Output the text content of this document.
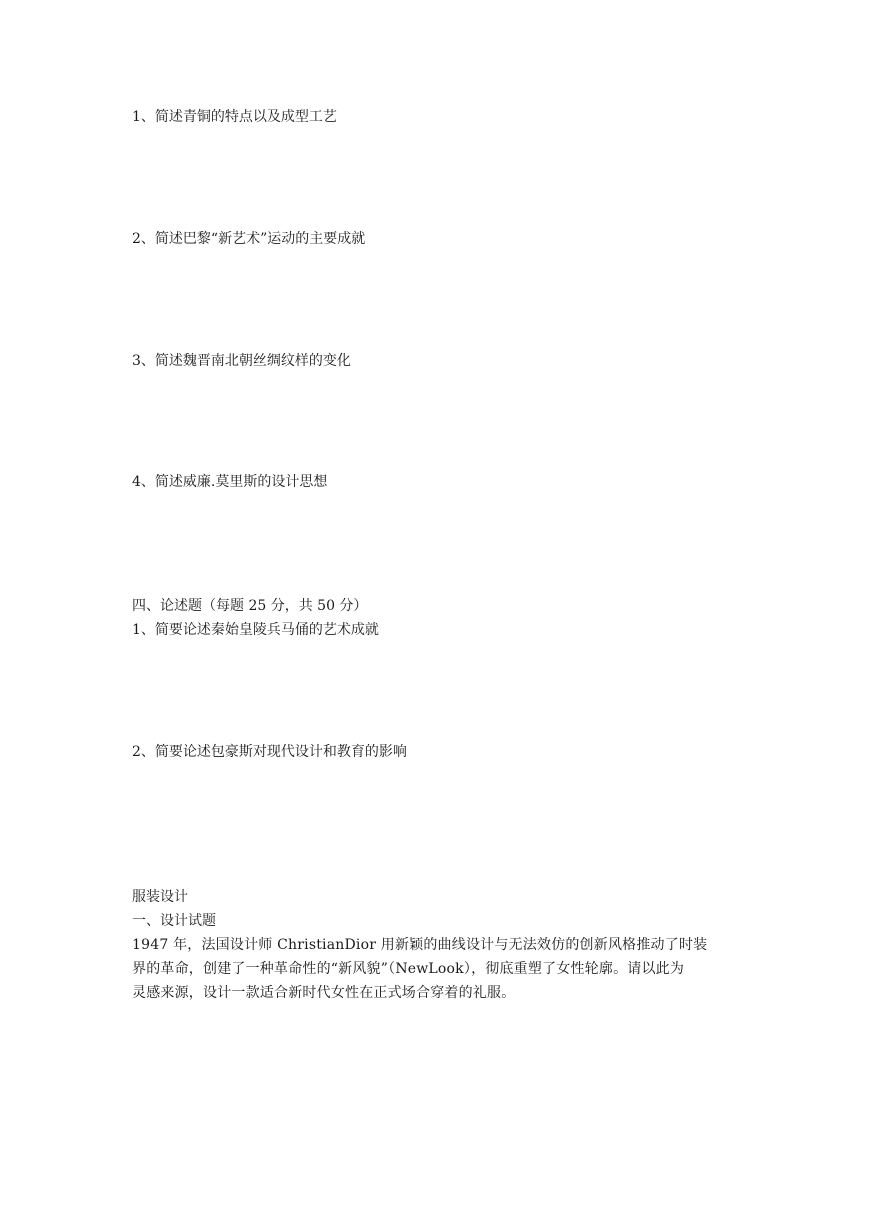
1、简述青铜的特点以及成型工艺

2、简述巴黎“新艺术”运动的主要成就

3、简述魏晋南北朝丝绸纹样的变化

4、简述威廉.莫里斯的设计思想

四、论述题（每题 25 分，共 50 分）

1、简要论述秦始皇陵兵马俑的艺术成就

2、简要论述包豪斯对现代设计和教育的影响

服装设计

一、设计试题

1947 年，法国设计师 ChristianDior 用新颖的曲线设计与无法效仿的创新风格推动了时装
界的革命，创建了一种革命性的“新风貌”（NewLook），彻底重塑了女性轮廓。请以此为
灵感来源，设计一款适合新时代女性在正式场合穿着的礼服。
